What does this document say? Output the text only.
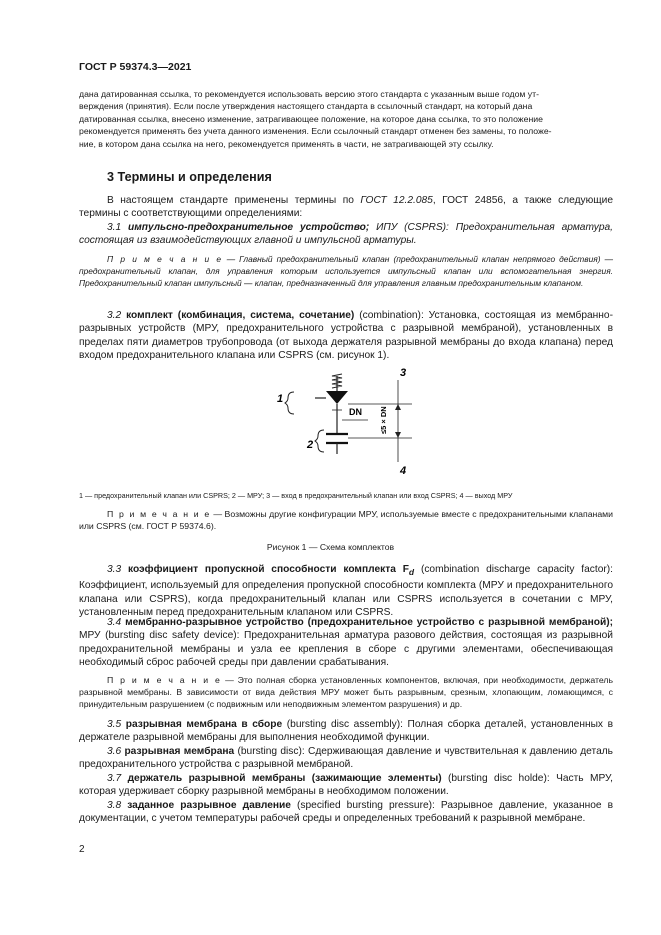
ГОСТ Р 59374.3—2021
дана датированная ссылка, то рекомендуется использовать версию этого стандарта с указанным выше годом ут-
верждения (принятия). Если после утверждения настоящего стандарта в ссылочный стандарт, на который дана
датированная ссылка, внесено изменение, затрагивающее положение, на которое дана ссылка, то это положение
рекомендуется применять без учета данного изменения. Если ссылочный стандарт отменен без замены, то положе-
ние, в котором дана ссылка на него, рекомендуется применять в части, не затрагивающей эту ссылку.
3 Термины и определения
В настоящем стандарте применены термины по ГОСТ 12.2.085, ГОСТ 24856, а также следующие термины с соответствующими определениями:
3.1 импульсно-предохранительное устройство; ИПУ (CSPRS): Предохранительная арматура, состоящая из взаимодействующих главной и импульсной арматуры.
П р и м е ч а н и е — Главный предохранительный клапан (предохранительный клапан непрямого действия) — предохранительный клапан, для управления которым используется импульсный клапан или вспомогательная энергия. Предохранительный клапан импульсный — клапан, предназначенный для управления главным предохранительным клапаном.
3.2 комплект (комбинация, система, сочетание) (combination): Установка, состоящая из мембранно-разрывных устройств (МРУ, предохранительного устройства с разрывной мембраной), установленных в пределах пяти диаметров трубопровода (от выхода держателя разрывной мембраны до входа клапана) перед входом предохранительного клапана или CSPRS (см. рисунок 1).
1
DN
2
≤5 × DN
3
4
1 — предохранительный клапан или CSPRS; 2 — МРУ; 3 — вход в предохранительный клапан или вход CSPRS; 4 — выход МРУ
П р и м е ч а н и е — Возможны другие конфигурации МРУ, используемые вместе с предохранительными клапанами или CSPRS (см. ГОСТ Р 59374.6).
Рисунок 1 — Схема комплектов
3.3 коэффициент пропускной способности комплекта $F_d$ (combination discharge capacity factor): Коэффициент, используемый для определения пропускной способности комплекта (МРУ и предохранительного клапана или CSPRS), когда предохранительный клапан или CSPRS используется в сочетании с МРУ, установленным перед предохранительным клапаном или CSPRS.
3.4 мембранно-разрывное устройство (предохранительное устройство с разрывной мембраной); МРУ (bursting disc safety device): Предохранительная арматура разового действия, состоящая из разрывной предохранительной мембраны и узла ее крепления в сборе с другими элементами, обеспечивающая необходимый сброс рабочей среды при давлении срабатывания.
П р и м е ч а н и е — Это полная сборка установленных компонентов, включая, при необходимости, держатель разрывной мембраны. В зависимости от вида действия МРУ может быть разрывным, срезным, хлопающим, ломающимся, с принудительным разрушением (с подвижным или неподвижным элементом разрушения) и др.
3.5 разрывная мембрана в сборе (bursting disc assembly): Полная сборка деталей, установленных в держателе разрывной мембраны для выполнения необходимой функции.
3.6 разрывная мембрана (bursting disc): Сдерживающая давление и чувствительная к давлению деталь предохранительного устройства с разрывной мембраной.
3.7 держатель разрывной мембраны (зажимающие элементы) (bursting disc holde): Часть МРУ, которая удерживает сборку разрывной мембраны в необходимом положении.
3.8 заданное разрывное давление (specified bursting pressure): Разрывное давление, указанное в документации, с учетом температуры рабочей среды и определенных требований к разрывной мембране.
2
